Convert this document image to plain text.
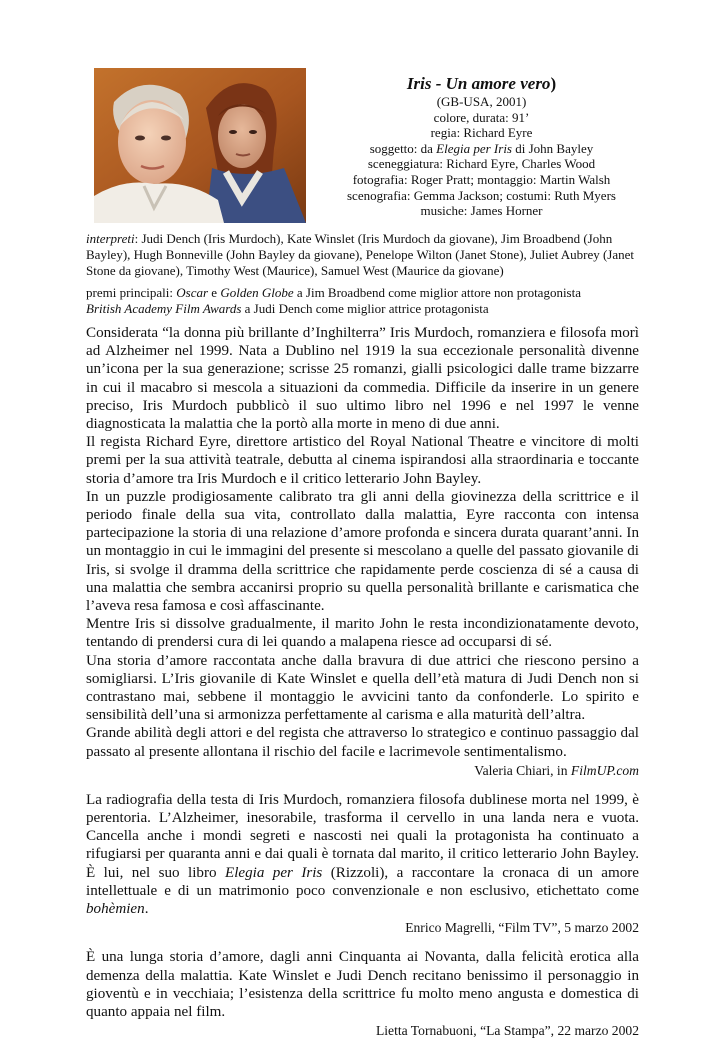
Iris - Un amore vero)
(GB-USA, 2001)
colore, durata: 91’
regia: Richard Eyre
soggetto: da Elegia per Iris di John Bayley
sceneggiatura: Richard Eyre, Charles Wood
fotografia: Roger Pratt; montaggio: Martin Walsh
scenografia: Gemma Jackson; costumi: Ruth Myers
musiche: James Horner
interpreti: Judi Dench (Iris Murdoch), Kate Winslet (Iris Murdoch da giovane), Jim Broadbend (John Bayley), Hugh Bonneville (John Bayley da giovane), Penelope Wilton (Janet Stone), Juliet Aubrey (Janet Stone da giovane), Timothy West (Maurice), Samuel West (Maurice da giovane)
premi principali: Oscar e Golden Globe a Jim Broadbend come miglior attore non protagonista
British Academy Film Awards a Judi Dench come miglior attrice protagonista

Considerata “la donna più brillante d’Inghilterra” Iris Murdoch, romanziera e filosofa morì ad Alzheimer nel 1999. Nata a Dublino nel 1919 la sua eccezionale personalità divenne un’icona per la sua generazione; scrisse 25 romanzi, gialli psicologici dalle trame bizzarre in cui il macabro si mescola a situazioni da commedia. Difficile da inserire in un genere preciso, Iris Murdoch pubblicò il suo ultimo libro nel 1996 e nel 1997 le venne diagnosticata la malattia che la portò alla morte in meno di due anni.

Il regista Richard Eyre, direttore artistico del Royal National Theatre e vincitore di molti premi per la sua attività teatrale, debutta al cinema ispirandosi alla straordinaria e toccante storia d’amore tra Iris Murdoch e il critico letterario John Bayley.

In un puzzle prodigiosamente calibrato tra gli anni della giovinezza della scrittrice e il periodo finale della sua vita, controllato dalla malattia, Eyre racconta con intensa partecipazione la storia di una relazione d’amore profonda e sincera durata quarant’anni. In un montaggio in cui le immagini del presente si mescolano a quelle del passato giovanile di Iris, si svolge il dramma della scrittrice che rapidamente perde coscienza di sé a causa di una malattia che sembra accanirsi proprio su quella personalità brillante e carismatica che l’aveva resa famosa e così affascinante.

Mentre Iris si dissolve gradualmente, il marito John le resta incondizionatamente devoto, tentando di prendersi cura di lei quando a malapena riesce ad occuparsi di sé.

Una storia d’amore raccontata anche dalla bravura di due attrici che riescono persino a somigliarsi. L’Iris giovanile di Kate Winslet e quella dell’età matura di Judi Dench non si contrastano mai, sebbene il montaggio le avvicini tanto da confonderle. Lo spirito e sensibilità dell’una si armonizza perfettamente al carisma e alla maturità dell’altra.

Grande abilità degli attori e del regista che attraverso lo strategico e continuo passaggio dal passato al presente allontana il rischio del facile e lacrimevole sentimentalismo.

Valeria Chiari, in FilmUP.com

La radiografia della testa di Iris Murdoch, romanziera filosofa dublinese morta nel 1999, è perentoria. L’Alzheimer, inesorabile, trasforma il cervello in una landa nera e vuota. Cancella anche i mondi segreti e nascosti nei quali la protagonista ha continuato a rifugiarsi per quaranta anni e dai quali è tornata dal marito, il critico letterario John Bayley. È lui, nel suo libro Elegia per Iris (Rizzoli), a raccontare la cronaca di un amore intellettuale e di un matrimonio poco convenzionale e non esclusivo, etichettato come bohèmien.

Enrico Magrelli, “Film TV”, 5 marzo 2002

È una lunga storia d’amore, dagli anni Cinquanta ai Novanta, dalla felicità erotica alla demenza della malattia. Kate Winslet e Judi Dench recitano benissimo il personaggio in gioventù e in vecchiaia; l’esistenza della scrittrice fu molto meno angusta e domestica di quanto appaia nel film.

Lietta Tornabuoni, “La Stampa”, 22 marzo 2002
